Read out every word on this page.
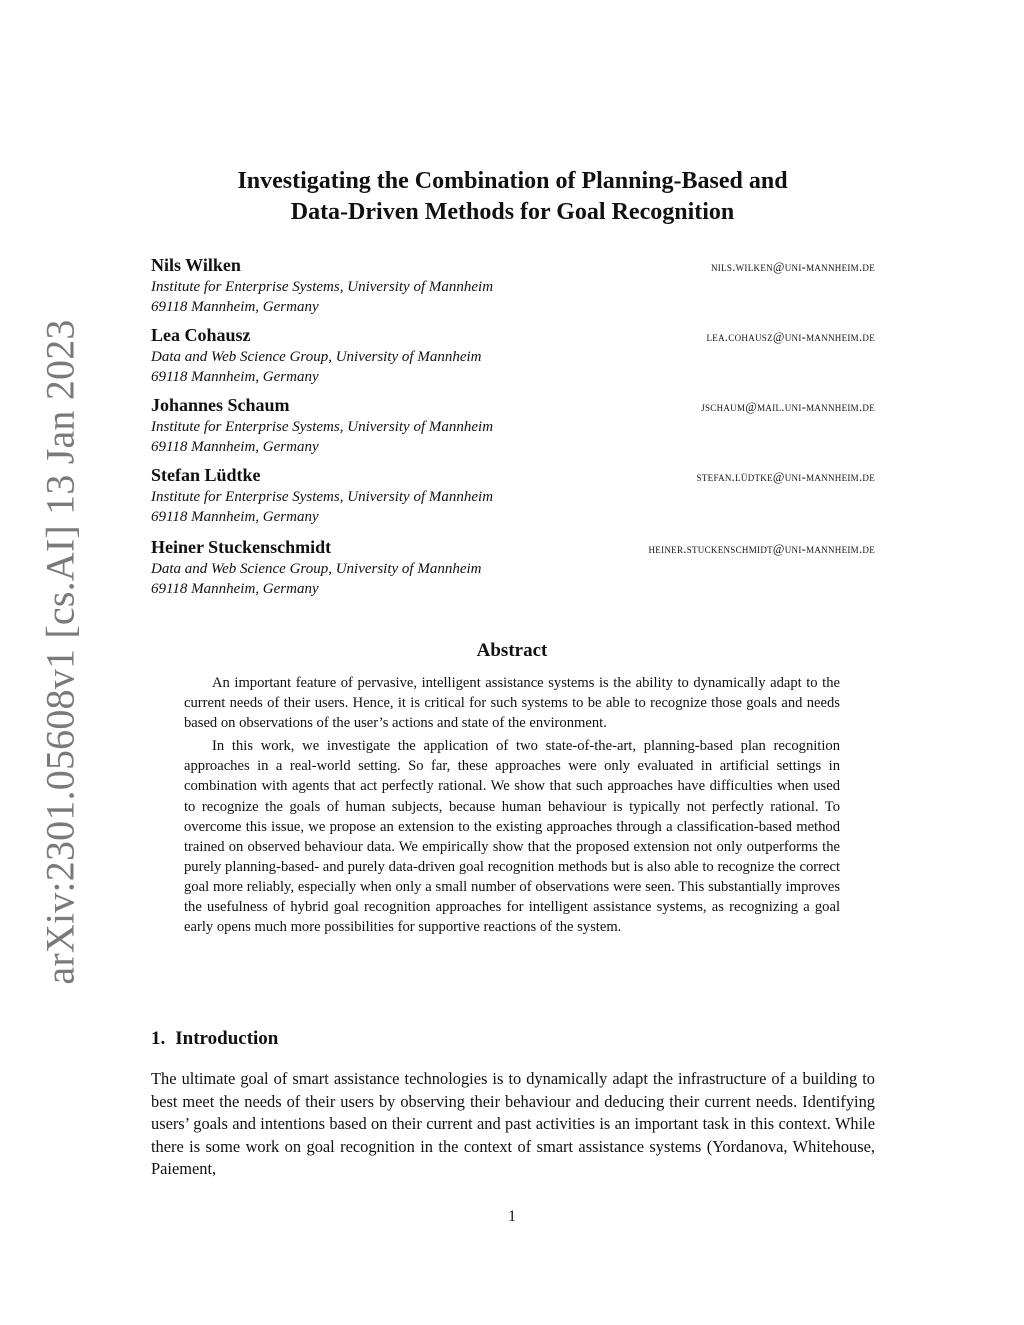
arXiv:2301.05608v1 [cs.AI] 13 Jan 2023
Investigating the Combination of Planning-Based and
Data-Driven Methods for Goal Recognition
Nils Wilken	nils.wilken@uni-mannheim.de
Institute for Enterprise Systems, University of Mannheim
69118 Mannheim, Germany
Lea Cohausz	lea.cohausz@uni-mannheim.de
Data and Web Science Group, University of Mannheim
69118 Mannheim, Germany
Johannes Schaum	jschaum@mail.uni-mannheim.de
Institute for Enterprise Systems, University of Mannheim
69118 Mannheim, Germany
Stefan Lüdtke	stefan.lüdtke@uni-mannheim.de
Institute for Enterprise Systems, University of Mannheim
69118 Mannheim, Germany
Heiner Stuckenschmidt	heiner.stuckenschmidt@uni-mannheim.de
Data and Web Science Group, University of Mannheim
69118 Mannheim, Germany
Abstract

An important feature of pervasive, intelligent assistance systems is the ability to dynamically adapt to the current needs of their users. Hence, it is critical for such systems to be able to recognize those goals and needs based on observations of the user’s actions and state of the environment.

In this work, we investigate the application of two state-of-the-art, planning-based plan recognition approaches in a real-world setting. So far, these approaches were only evaluated in artificial settings in combination with agents that act perfectly rational. We show that such approaches have difficulties when used to recognize the goals of human subjects, because human behaviour is typically not perfectly rational. To overcome this issue, we propose an extension to the existing approaches through a classification-based method trained on observed behaviour data. We empirically show that the proposed extension not only outperforms the purely planning-based- and purely data-driven goal recognition methods but is also able to recognize the correct goal more reliably, especially when only a small number of observations were seen. This substantially improves the usefulness of hybrid goal recognition approaches for intelligent assistance systems, as recognizing a goal early opens much more possibilities for supportive reactions of the system.

1. Introduction

The ultimate goal of smart assistance technologies is to dynamically adapt the infrastructure of a building to best meet the needs of their users by observing their behaviour and deducing their current needs. Identifying users’ goals and intentions based on their current and past activities is an important task in this context. While there is some work on goal recognition in the context of smart assistance systems (Yordanova, Whitehouse, Paiement,

1
